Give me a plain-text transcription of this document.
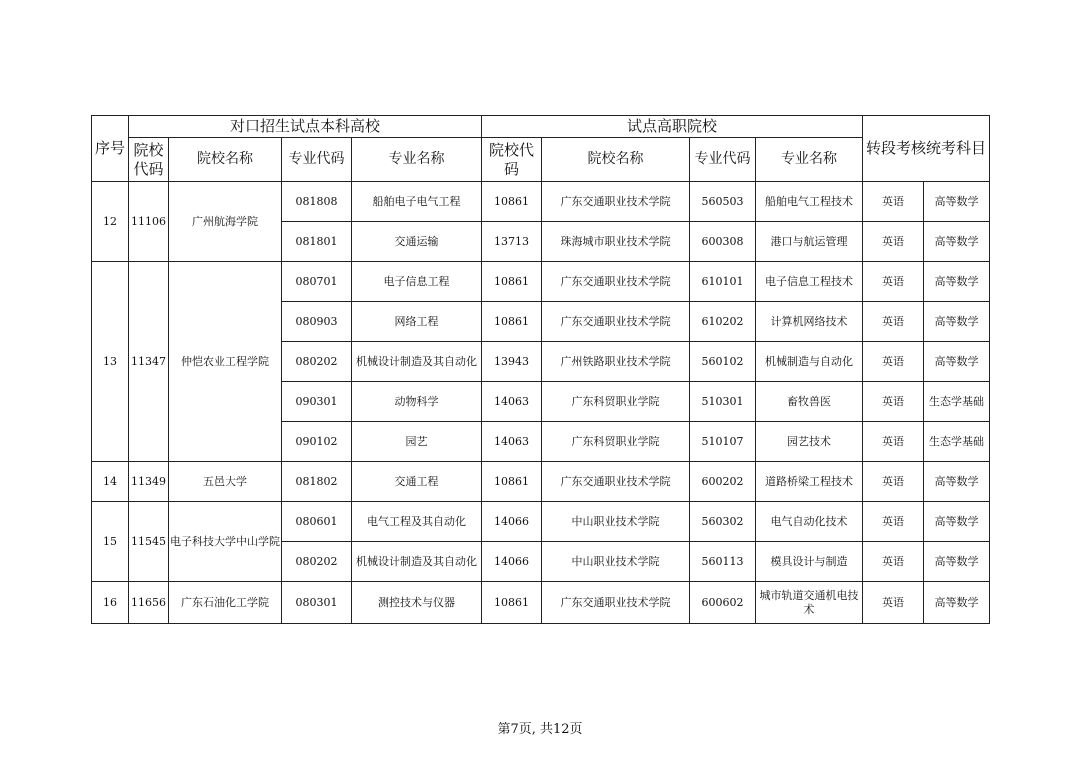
序号	对口招生试点本科高校				试点高职院校				转段考核统考科目	
	院校代码	院校名称	专业代码	专业名称	院校代码	院校名称	专业代码	专业名称		
12	11106	广州航海学院	081808	船舶电子电气工程	10861	广东交通职业技术学院	560503	船舶电气工程技术	英语	高等数学
			081801	交通运输	13713	珠海城市职业技术学院	600308	港口与航运管理	英语	高等数学
13	11347	仲恺农业工程学院	080701	电子信息工程	10861	广东交通职业技术学院	610101	电子信息工程技术	英语	高等数学
			080903	网络工程	10861	广东交通职业技术学院	610202	计算机网络技术	英语	高等数学
			080202	机械设计制造及其自动化	13943	广州铁路职业技术学院	560102	机械制造与自动化	英语	高等数学
			090301	动物科学	14063	广东科贸职业学院	510301	畜牧兽医	英语	生态学基础
			090102	园艺	14063	广东科贸职业学院	510107	园艺技术	英语	生态学基础
14	11349	五邑大学	081802	交通工程	10861	广东交通职业技术学院	600202	道路桥梁工程技术	英语	高等数学
15	11545	电子科技大学中山学院	080601	电气工程及其自动化	14066	中山职业技术学院	560302	电气自动化技术	英语	高等数学
			080202	机械设计制造及其自动化	14066	中山职业技术学院	560113	模具设计与制造	英语	高等数学
16	11656	广东石油化工学院	080301	测控技术与仪器	10861	广东交通职业技术学院	600602	城市轨道交通机电技术	英语	高等数学
第7页, 共12页
